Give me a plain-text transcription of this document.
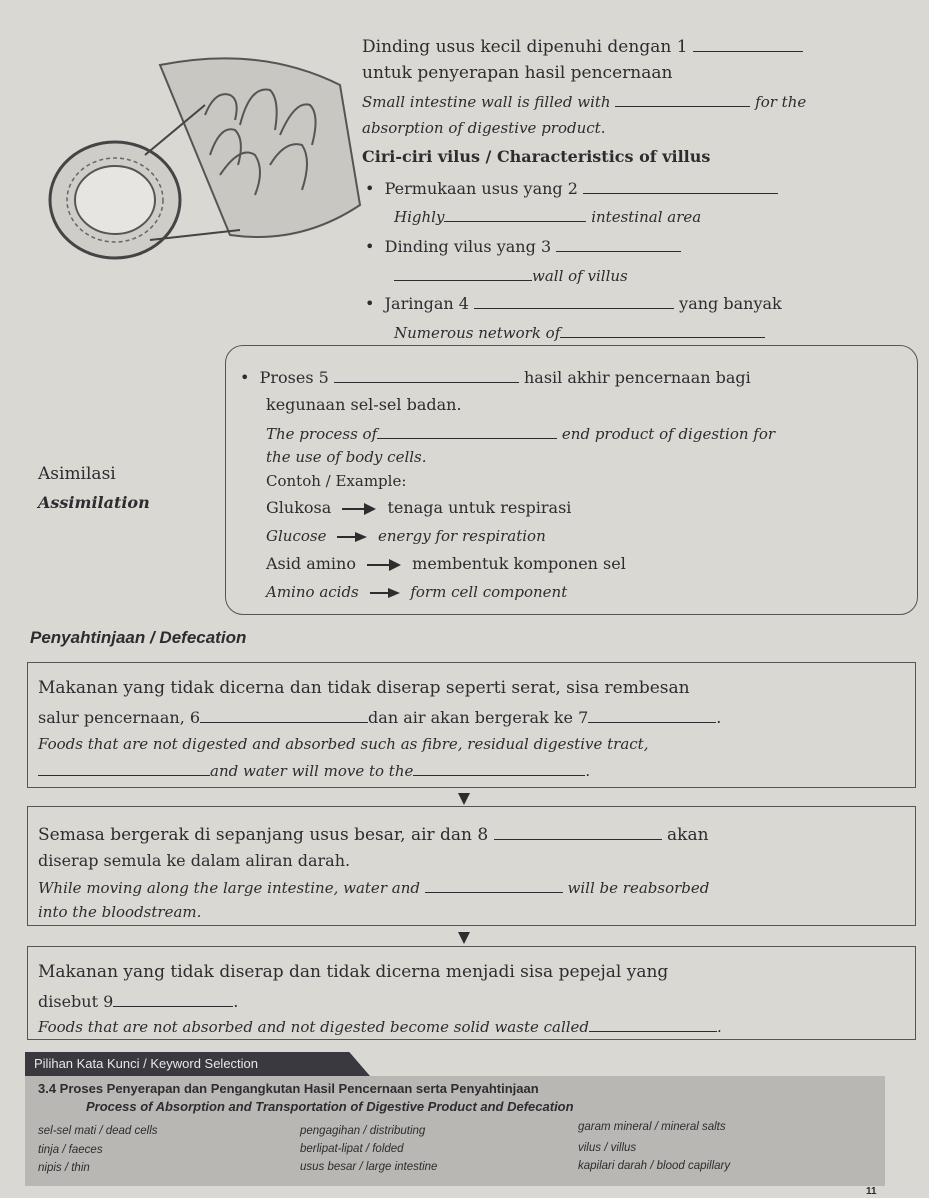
Dinding usus kecil dipenuhi dengan 1
untuk penyerapan hasil pencernaan
Small intestine wall is filled with	for the
absorption of digestive product.
Ciri-ciri vilus / Characteristics of villus
•  Permukaan usus yang 2
Highly	intestinal area
•  Dinding vilus yang 3
wall of villus
•  Jaringan 4	yang banyak
Numerous network of
Asimilasi
Assimilation
•  Proses 5	hasil akhir pencernaan bagi
kegunaan sel-sel badan.
The process of	end product of digestion for
the use of body cells.
Contoh / Example:
Glukosa	tenaga untuk respirasi
Glucose	energy for respiration
Asid amino	membentuk komponen sel
Amino acids	form cell component
Penyahtinjaan / Defecation
Makanan yang tidak dicerna dan tidak diserap seperti serat, sisa rembesan
salur pencernaan, 6	dan air akan bergerak ke 7	.
Foods that are not digested and absorbed such as fibre, residual digestive tract,
and water will move to the	.
Semasa bergerak di sepanjang usus besar, air dan 8	akan
diserap semula ke dalam aliran darah.
While moving along the large intestine, water and	will be reabsorbed
into the bloodstream.
Makanan yang tidak diserap dan tidak dicerna menjadi sisa pepejal yang
disebut 9	.
Foods that are not absorbed and not digested become solid waste called	.
Pilihan Kata Kunci / Keyword Selection
3.4 Proses Penyerapan dan Pengangkutan Hasil Pencernaan serta Penyahtinjaan
Process of Absorption and Transportation of Digestive Product and Defecation
sel-sel mati / dead cells	pengagihan / distributing	garam mineral / mineral salts
tinja / faeces	berlipat-lipat / folded	vilus / villus
nipis / thin	usus besar / large intestine	kapilari darah / blood capillary
11
